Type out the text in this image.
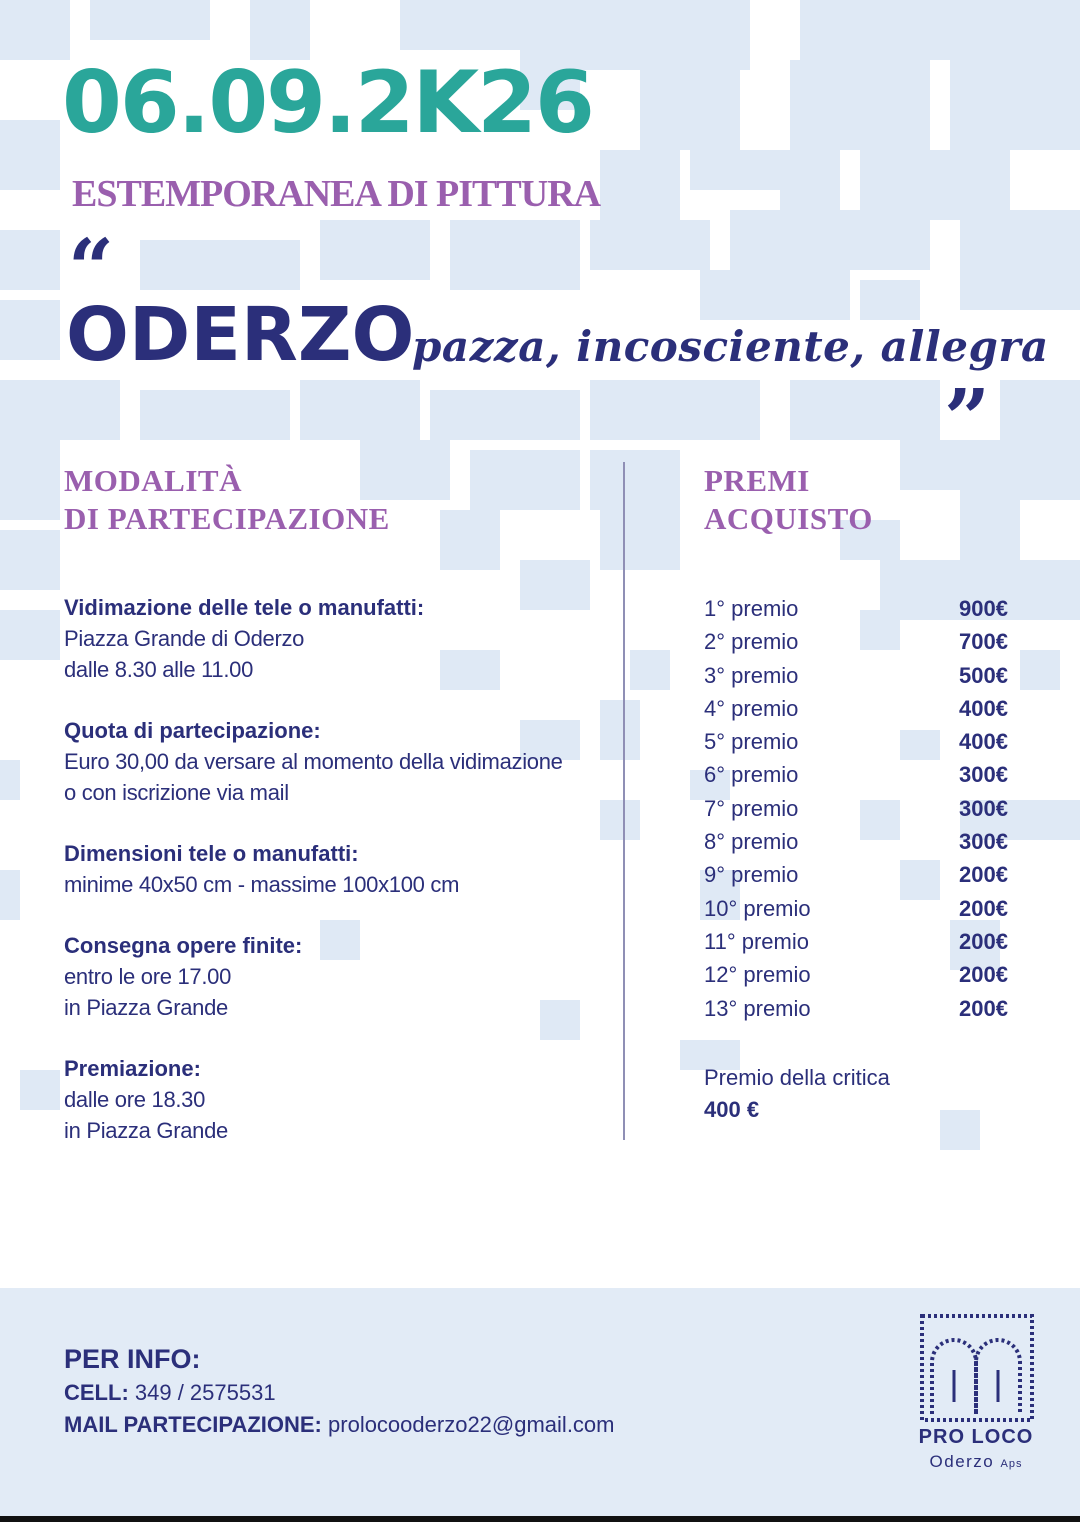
06.09.2K26
ESTEMPORANEA DI PITTURA
“
ODERZO
pazza, incosciente, allegra
”
MODALITÀ
DI PARTECIPAZIONE
PREMI
ACQUISTO
Vidimazione delle tele o manufatti:
Piazza Grande di Oderzo
dalle 8.30 alle 11.00
Quota di partecipazione:
Euro 30,00 da versare al momento della vidimazione
o con iscrizione via mail
Dimensioni tele o manufatti:
minime 40x50 cm - massime 100x100 cm
Consegna opere finite:
entro le ore 17.00
in Piazza Grande
Premiazione:
dalle ore 18.30
in Piazza Grande
1° premio	900€
2° premio	700€
3° premio	500€
4° premio	400€
5° premio	400€
6° premio	300€
7° premio	300€
8° premio	300€
9° premio	200€
10° premio	200€
11° premio	200€
12° premio	200€
13° premio	200€
Premio della critica
400 €
PER INFO:
CELL: 349 / 2575531
MAIL PARTECIPAZIONE: prolocooderzo22@gmail.com	PRO LOCO
Oderzo Aps
